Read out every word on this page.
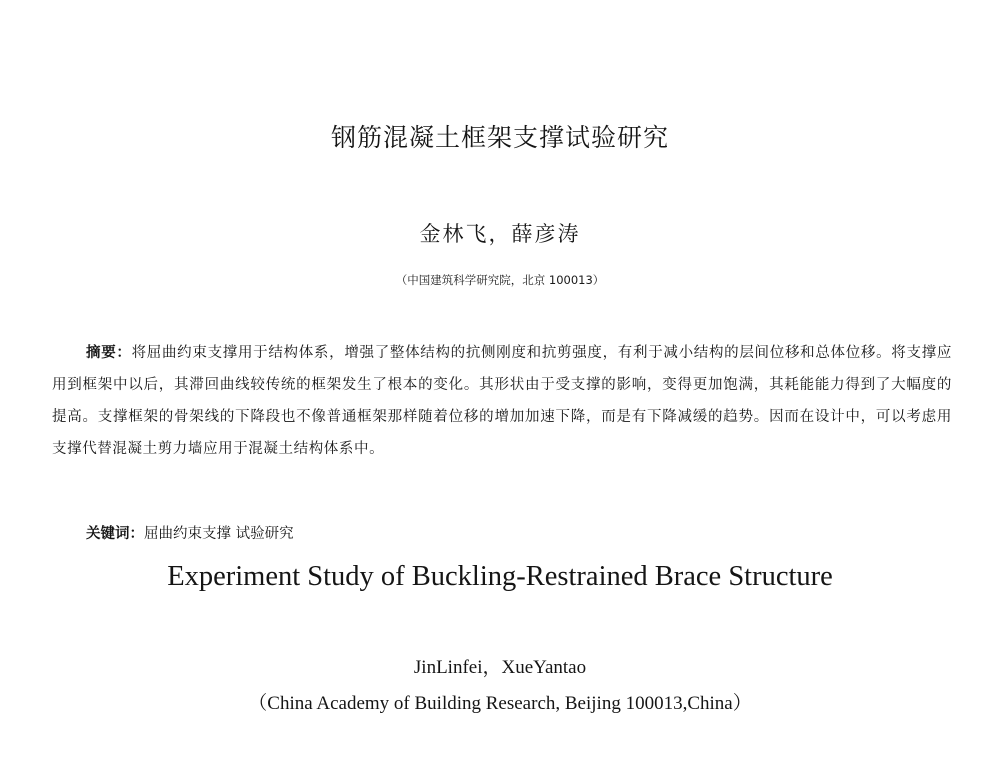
钢筋混凝土框架支撑试验研究
金林飞，薛彦涛
（中国建筑科学研究院，北京 100013）
摘要：将屈曲约束支撑用于结构体系，增强了整体结构的抗侧刚度和抗剪强度，有利于减小结构的层间位移和总体位移。将支撑应用到框架中以后，其滞回曲线较传统的框架发生了根本的变化。其形状由于受支撑的影响，变得更加饱满，其耗能能力得到了大幅度的提高。支撑框架的骨架线的下降段也不像普通框架那样随着位移的增加加速下降，而是有下降减缓的趋势。因而在设计中，可以考虑用支撑代替混凝土剪力墙应用于混凝土结构体系中。
关键词：屈曲约束支撑 试验研究
Experiment Study of Buckling-Restrained Brace Structure
JinLinfei，XueYantao
（China Academy of Building Research, Beijing 100013,China）
